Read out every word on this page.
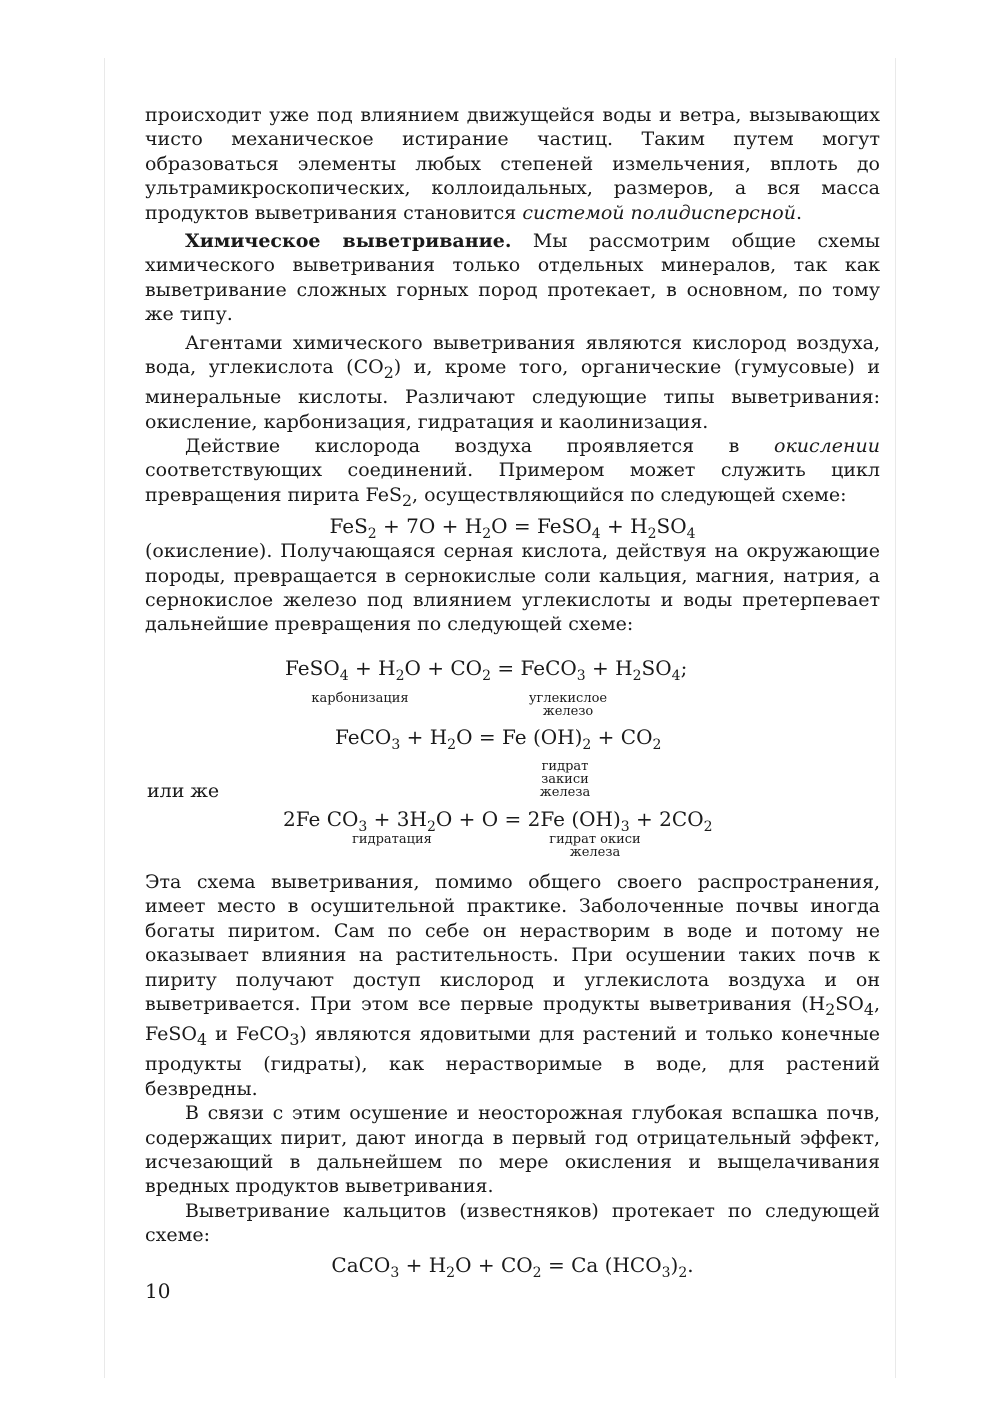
происходит уже под влиянием движущейся воды и ветра, вызывающих чисто механическое истирание частиц. Таким путем могут образоваться элементы любых степеней измельчения, вплоть до ультрамикроскопических, коллоидальных, размеров, а вся масса продуктов выветривания становится системой полидисперсной.

Химическое выветривание. Мы рассмотрим общие схемы химического выветривания только отдельных минералов, так как выветривание сложных горных пород протекает, в основном, по тому же типу.

Агентами химического выветривания являются кислород воздуха, вода, углекислота $(CO_2)$ и, кроме того, органические (гумусовые) и минеральные кислоты. Различают следующие типы выветривания: окисление, карбонизация, гидратация и каолинизация.

Действие кислорода воздуха проявляется в окислении соответствующих соединений. Примером может служить цикл превращения пирита FeS$_2$, осуществляющийся по следующей схеме:

$FeS_2 + 7O + H_2O$ = FeSO$_4$ + $H_2SO_4$

(окисление). Получающаяся серная кислота, действуя на окружающие породы, превращается в сернокислые соли кальция, магния, натрия, а сернокислое железо под влиянием углекислоты и воды претерпевает дальнейшие превращения по следующей схеме:

FeSO$_4$ + $H_2O + CO_2$ = FeCO$_3$ + $H_2SO_4$;
карбонизация	углекислое железо
FeCO$_3$ + $H_2O = Fe$ $(OH)_2 + CO_2$
гидрат закиси железа
или же
2Fe $CO_3 + 3H_2O + O = 2Fe$ $(OH)_3 + 2CO_2$
гидратация	гидрат окиси железа

Эта схема выветривания, помимо общего своего распространения, имеет место в осушительной практике. Заболоченные почвы иногда богаты пиритом. Сам по себе он нерастворим в воде и потому не оказывает влияния на растительность. При осушении таких почв к пириту получают доступ кислород и углекислота воздуха и он выветривается. При этом все первые продукты выветривания ($H_2SO_4$, FeSO$_4$ и FeCO$_3$) являются ядовитыми для растений и только конечные продукты (гидраты), как нерастворимые в воде, для растений безвредны.

В связи с этим осушение и неосторожная глубокая вспашка почв, содержащих пирит, дают иногда в первый год отрицательный эффект, исчезающий в дальнейшем по мере окисления и выщелачивания вредных продуктов выветривания.

Выветривание кальцитов (известняков) протекает по следующей схеме:

CaCO$_3$ + $H_2O + CO_2 = Ca$ $(HCO_3)_2$.
10
